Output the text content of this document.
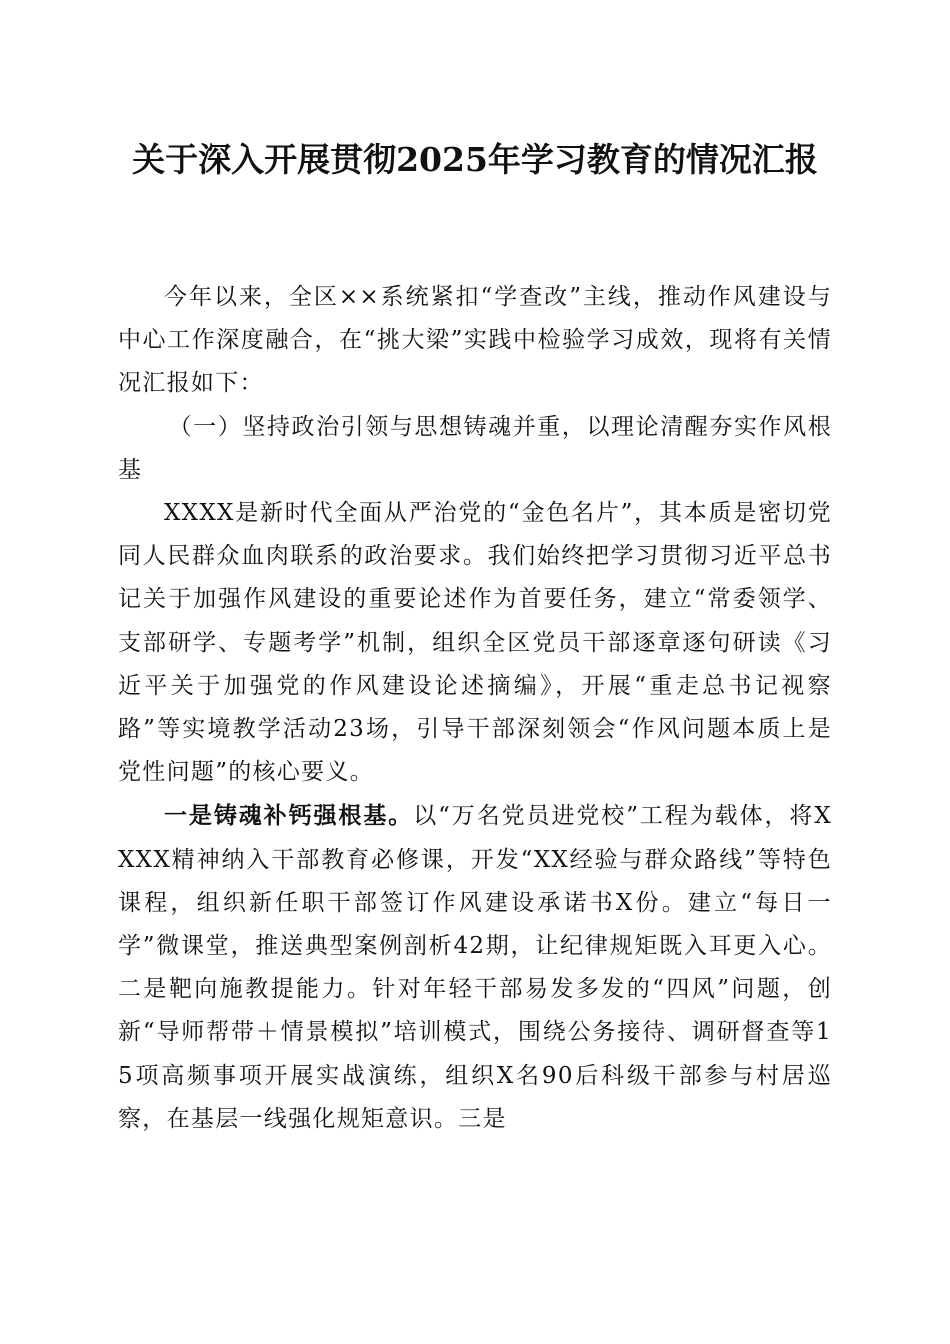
关于深入开展贯彻2025年学习教育的情况汇报

今年以来，全区××系统紧扣“学查改”主线，推动作风建设与中心工作深度融合，在“挑大梁”实践中检验学习成效，现将有关情况汇报如下：

（一）坚持政治引领与思想铸魂并重，以理论清醒夯实作风根基

XXXX是新时代全面从严治党的“金色名片”，其本质是密切党同人民群众血肉联系的政治要求。我们始终把学习贯彻习近平总书记关于加强作风建设的重要论述作为首要任务，建立“常委领学、支部研学、专题考学”机制，组织全区党员干部逐章逐句研读《习近平关于加强党的作风建设论述摘编》，开展“重走总书记视察路”等实境教学活动23场，引导干部深刻领会“作风问题本质上是党性问题”的核心要义。

一是铸魂补钙强根基。以“万名党员进党校”工程为载体，将XXXX精神纳入干部教育必修课，开发“XX经验与群众路线”等特色课程，组织新任职干部签订作风建设承诺书X份。建立“每日一学”微课堂，推送典型案例剖析42期，让纪律规矩既入耳更入心。二是靶向施教提能力。针对年轻干部易发多发的“四风”问题，创新“导师帮带＋情景模拟”培训模式，围绕公务接待、调研督查等15项高频事项开展实战演练，组织X名90后科级干部参与村居巡察，在基层一线强化规矩意识。三是
